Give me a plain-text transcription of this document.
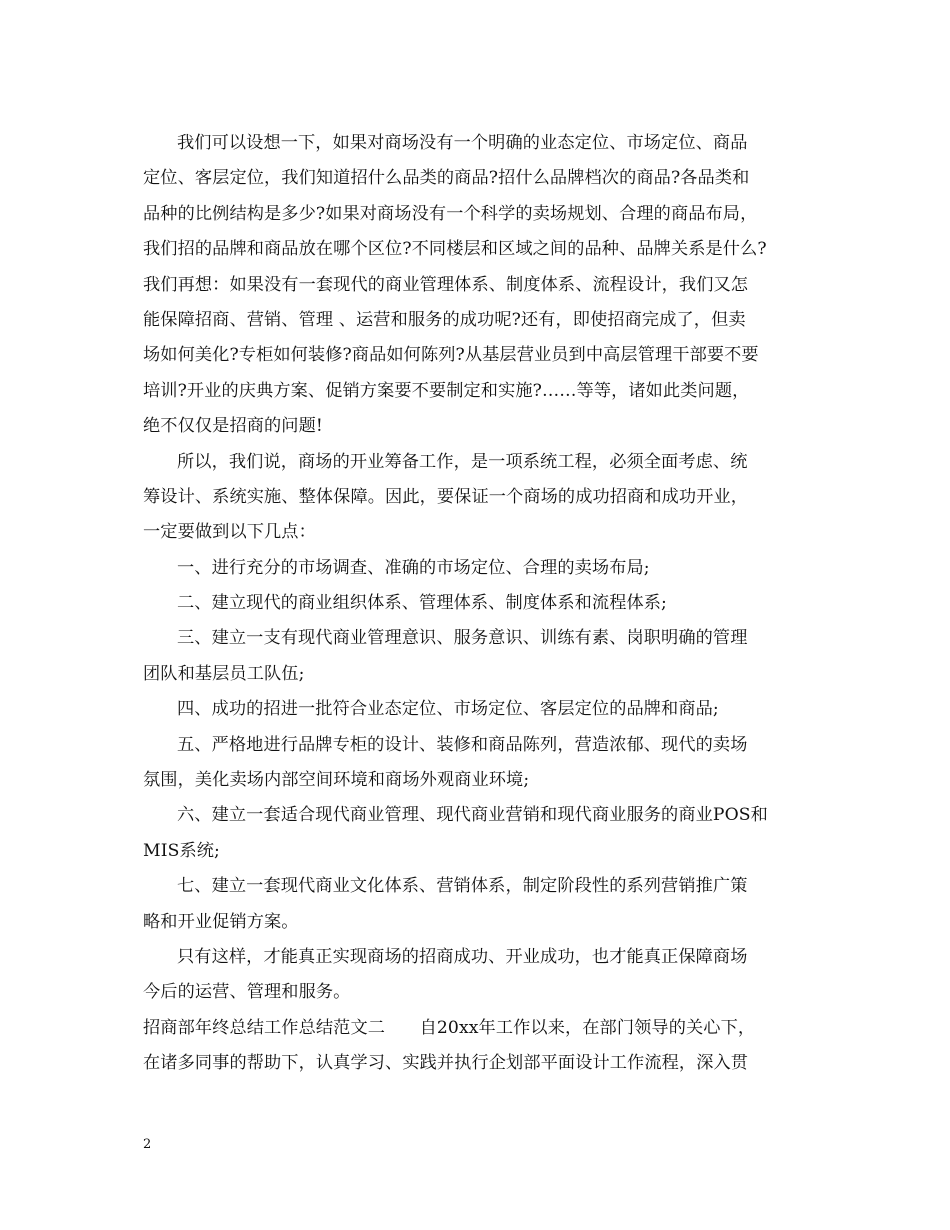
我们可以设想一下，如果对商场没有一个明确的业态定位、市场定位、商品
定位、客层定位，我们知道招什么品类的商品?招什么品牌档次的商品?各品类和
品种的比例结构是多少?如果对商场没有一个科学的卖场规划、合理的商品布局，
我们招的品牌和商品放在哪个区位?不同楼层和区域之间的品种、品牌关系是什么?
我们再想：如果没有一套现代的商业管理体系、制度体系、流程设计，我们又怎
能保障招商、营销、管理 、运营和服务的成功呢?还有，即使招商完成了，但卖
场如何美化?专柜如何装修?商品如何陈列?从基层营业员到中高层管理干部要不要
培训?开业的庆典方案、促销方案要不要制定和实施?……等等，诸如此类问题，
绝不仅仅是招商的问题!
所以，我们说，商场的开业筹备工作，是一项系统工程，必须全面考虑、统
筹设计、系统实施、整体保障。因此，要保证一个商场的成功招商和成功开业，
一定要做到以下几点：
一、进行充分的市场调查、准确的市场定位、合理的卖场布局;
二、建立现代的商业组织体系、管理体系、制度体系和流程体系;
三、建立一支有现代商业管理意识、服务意识、训练有素、岗职明确的管理
团队和基层员工队伍;
四、成功的招进一批符合业态定位、市场定位、客层定位的品牌和商品;
五、严格地进行品牌专柜的设计、装修和商品陈列，营造浓郁、现代的卖场
氛围，美化卖场内部空间环境和商场外观商业环境;
六、建立一套适合现代商业管理、现代商业营销和现代商业服务的商业POS和
MIS系统;
七、建立一套现代商业文化体系、营销体系，制定阶段性的系列营销推广策
略和开业促销方案。
只有这样，才能真正实现商场的招商成功、开业成功，也才能真正保障商场
今后的运营、管理和服务。
招商部年终总结工作总结范文二　　自20xx年工作以来，在部门领导的关心下，
在诸多同事的帮助下，认真学习、实践并执行企划部平面设计工作流程，深入贯
2
